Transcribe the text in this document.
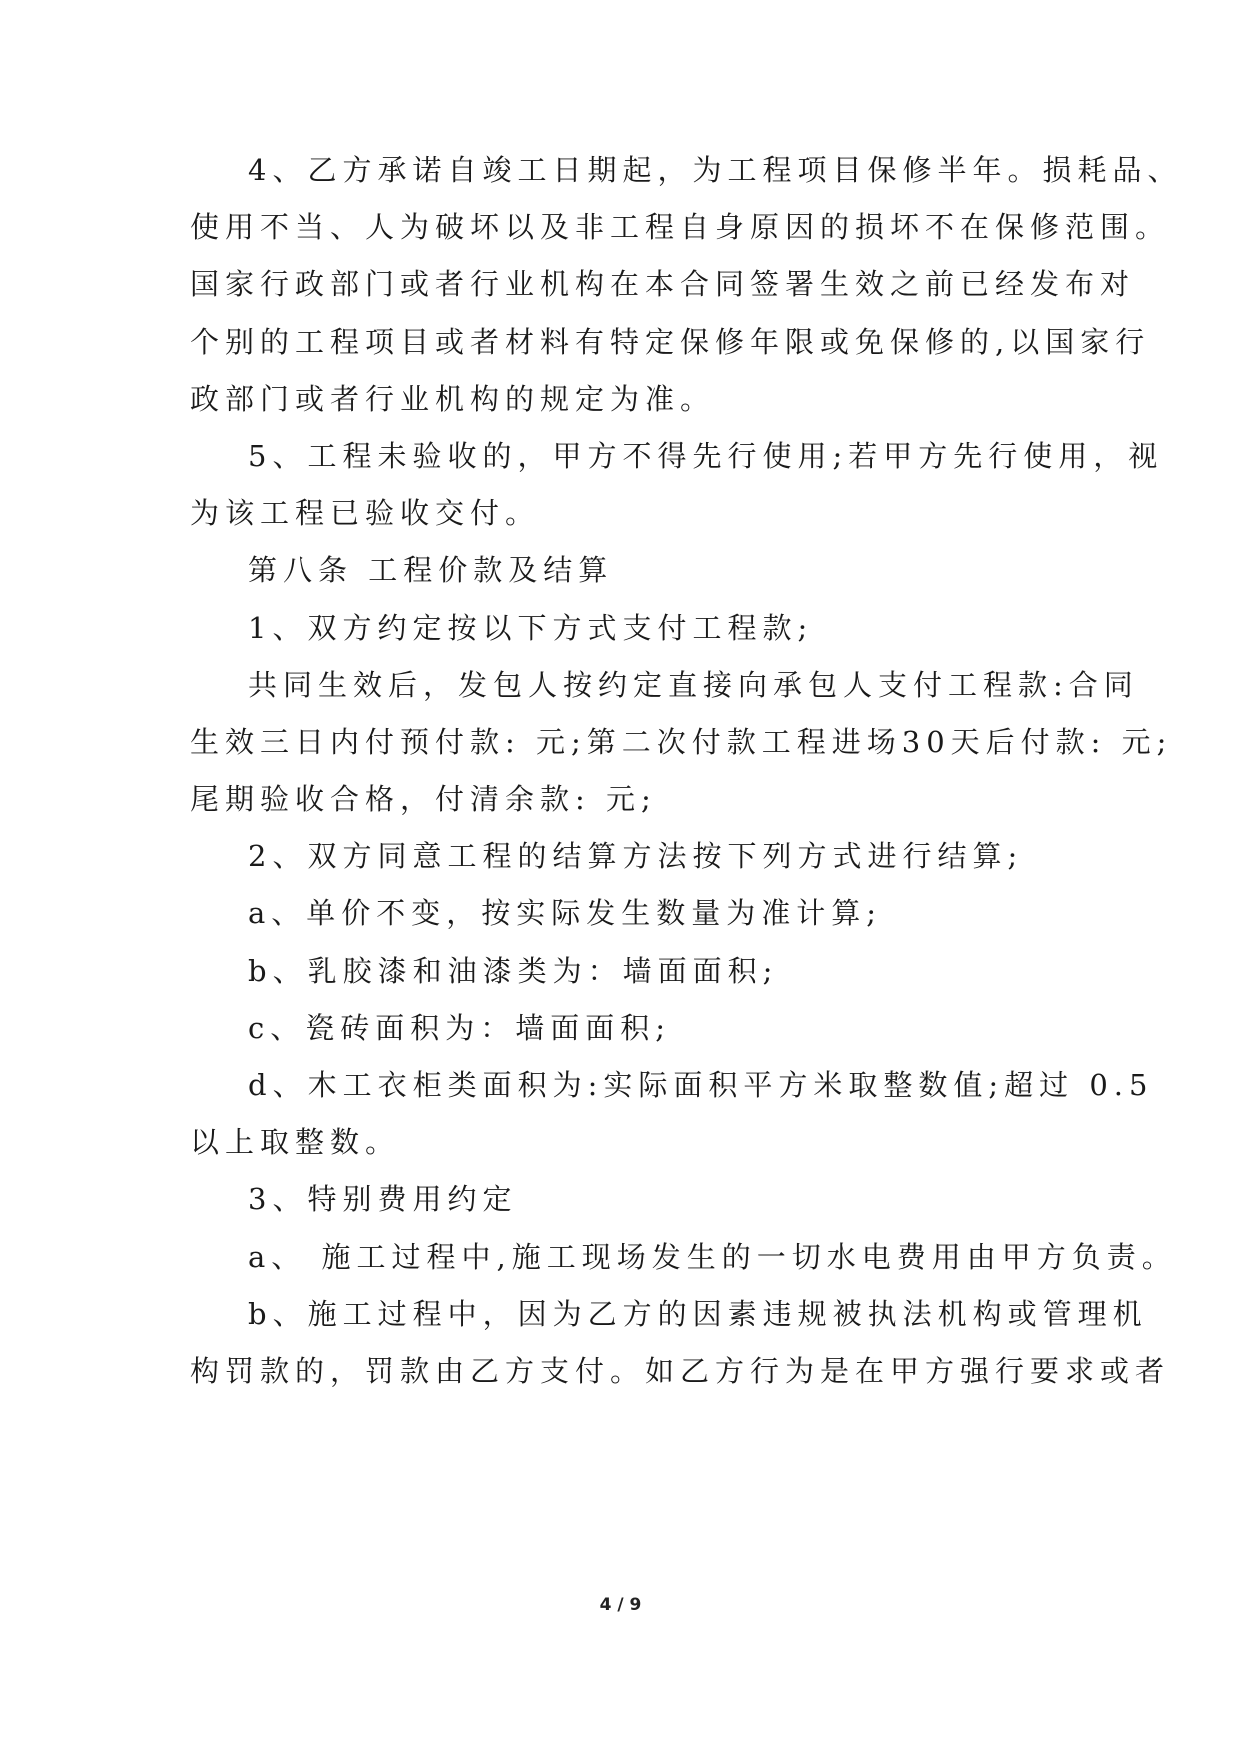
4、乙方承诺自竣工日期起，为工程项目保修半年。损耗品、
使用不当、人为破坏以及非工程自身原因的损坏不在保修范围。
国家行政部门或者行业机构在本合同签署生效之前已经发布对
个别的工程项目或者材料有特定保修年限或免保修的,以国家行
政部门或者行业机构的规定为准。
5、工程未验收的，甲方不得先行使用;若甲方先行使用，视
为该工程已验收交付。
第八条 工程价款及结算
1、双方约定按以下方式支付工程款;
共同生效后，发包人按约定直接向承包人支付工程款:合同
生效三日内付预付款: 元;第二次付款工程进场30天后付款: 元;
尾期验收合格，付清余款: 元;
2、双方同意工程的结算方法按下列方式进行结算;
a、单价不变，按实际发生数量为准计算;
b、乳胶漆和油漆类为：墙面面积;
c、瓷砖面积为：墙面面积;
d、木工衣柜类面积为:实际面积平方米取整数值;超过 0.5
以上取整数。
3、特别费用约定
a、 施工过程中,施工现场发生的一切水电费用由甲方负责。
b、施工过程中，因为乙方的因素违规被执法机构或管理机
构罚款的，罚款由乙方支付。如乙方行为是在甲方强行要求或者
4 / 9
